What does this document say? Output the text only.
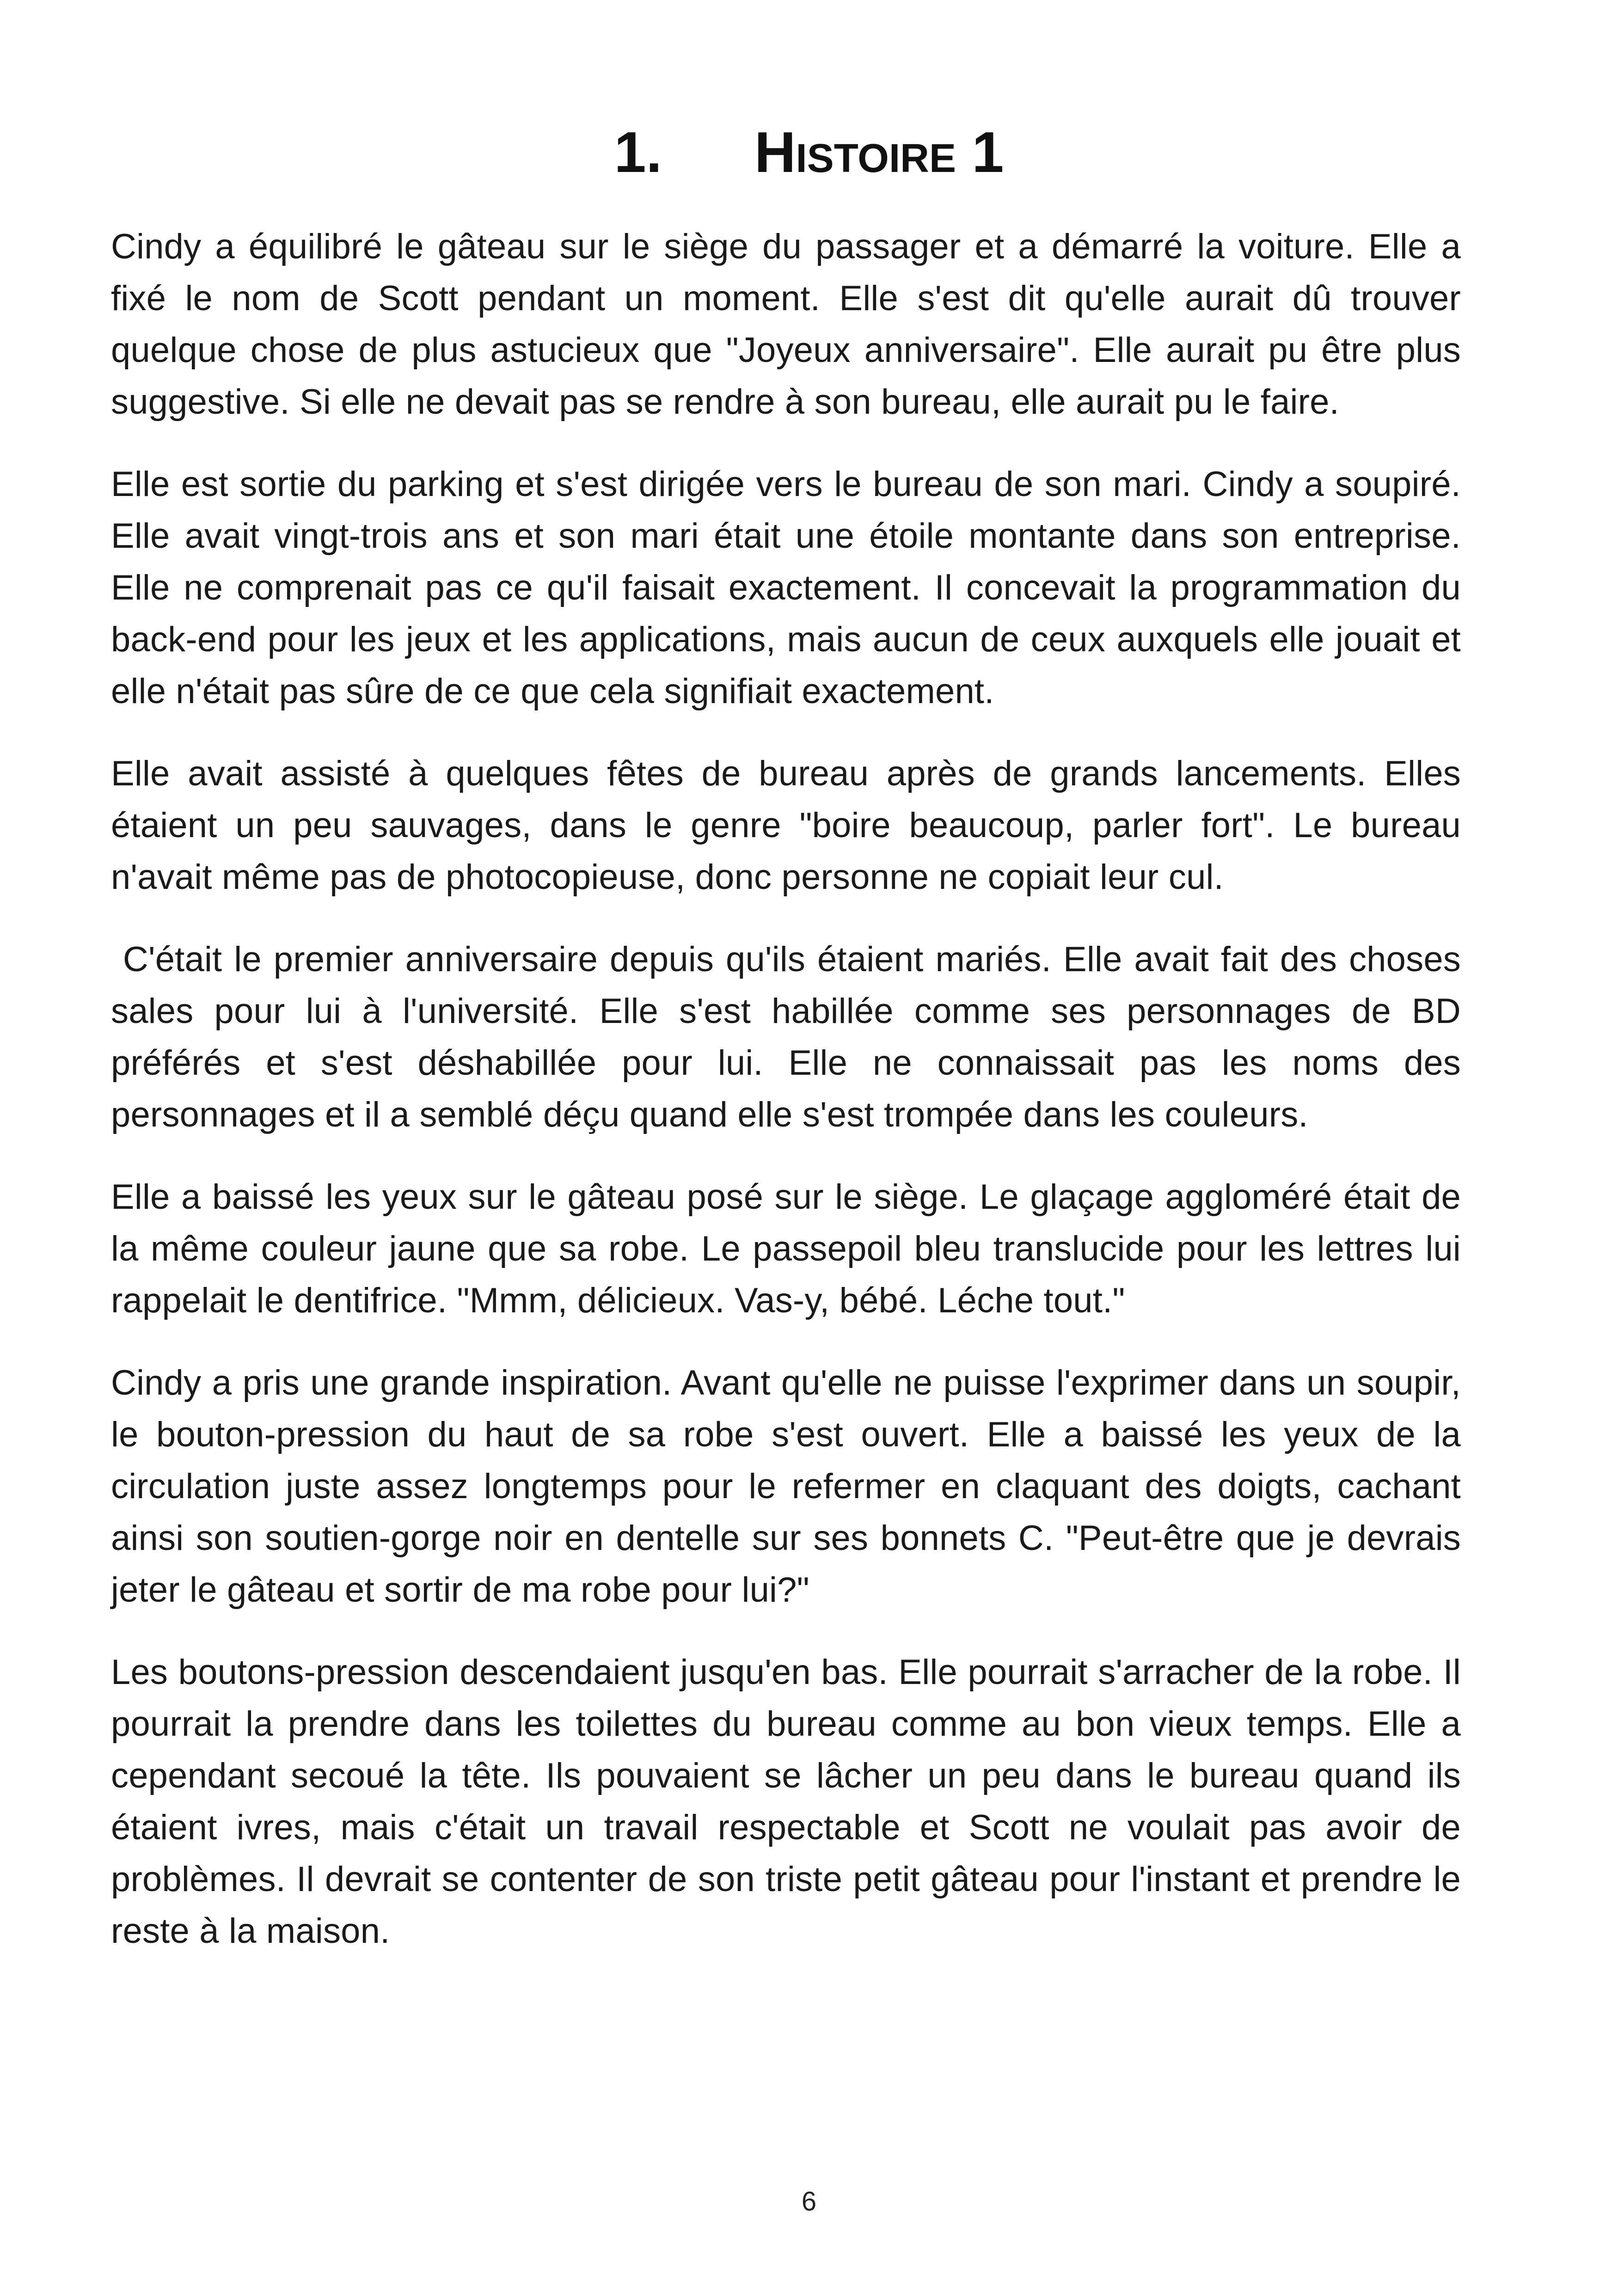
1. Histoire 1

Cindy a équilibré le gâteau sur le siège du passager et a démarré la voiture. Elle a fixé le nom de Scott pendant un moment. Elle s'est dit qu'elle aurait dû trouver quelque chose de plus astucieux que "Joyeux anniversaire". Elle aurait pu être plus suggestive. Si elle ne devait pas se rendre à son bureau, elle aurait pu le faire.

Elle est sortie du parking et s'est dirigée vers le bureau de son mari. Cindy a soupiré. Elle avait vingt-trois ans et son mari était une étoile montante dans son entreprise. Elle ne comprenait pas ce qu'il faisait exactement. Il concevait la programmation du back-end pour les jeux et les applications, mais aucun de ceux auxquels elle jouait et elle n'était pas sûre de ce que cela signifiait exactement.

Elle avait assisté à quelques fêtes de bureau après de grands lancements. Elles étaient un peu sauvages, dans le genre "boire beaucoup, parler fort". Le bureau n'avait même pas de photocopieuse, donc personne ne copiait leur cul.

C'était le premier anniversaire depuis qu'ils étaient mariés. Elle avait fait des choses sales pour lui à l'université. Elle s'est habillée comme ses personnages de BD préférés et s'est déshabillée pour lui. Elle ne connaissait pas les noms des personnages et il a semblé déçu quand elle s'est trompée dans les couleurs.

Elle a baissé les yeux sur le gâteau posé sur le siège. Le glaçage aggloméré était de la même couleur jaune que sa robe. Le passepoil bleu translucide pour les lettres lui rappelait le dentifrice. "Mmm, délicieux. Vas-y, bébé. Léche tout."

Cindy a pris une grande inspiration. Avant qu'elle ne puisse l'exprimer dans un soupir, le bouton-pression du haut de sa robe s'est ouvert. Elle a baissé les yeux de la circulation juste assez longtemps pour le refermer en claquant des doigts, cachant ainsi son soutien-gorge noir en dentelle sur ses bonnets C. "Peut-être que je devrais jeter le gâteau et sortir de ma robe pour lui?"

Les boutons-pression descendaient jusqu'en bas. Elle pourrait s'arracher de la robe. Il pourrait la prendre dans les toilettes du bureau comme au bon vieux temps. Elle a cependant secoué la tête. Ils pouvaient se lâcher un peu dans le bureau quand ils étaient ivres, mais c'était un travail respectable et Scott ne voulait pas avoir de problèmes. Il devrait se contenter de son triste petit gâteau pour l'instant et prendre le reste à la maison.

6
